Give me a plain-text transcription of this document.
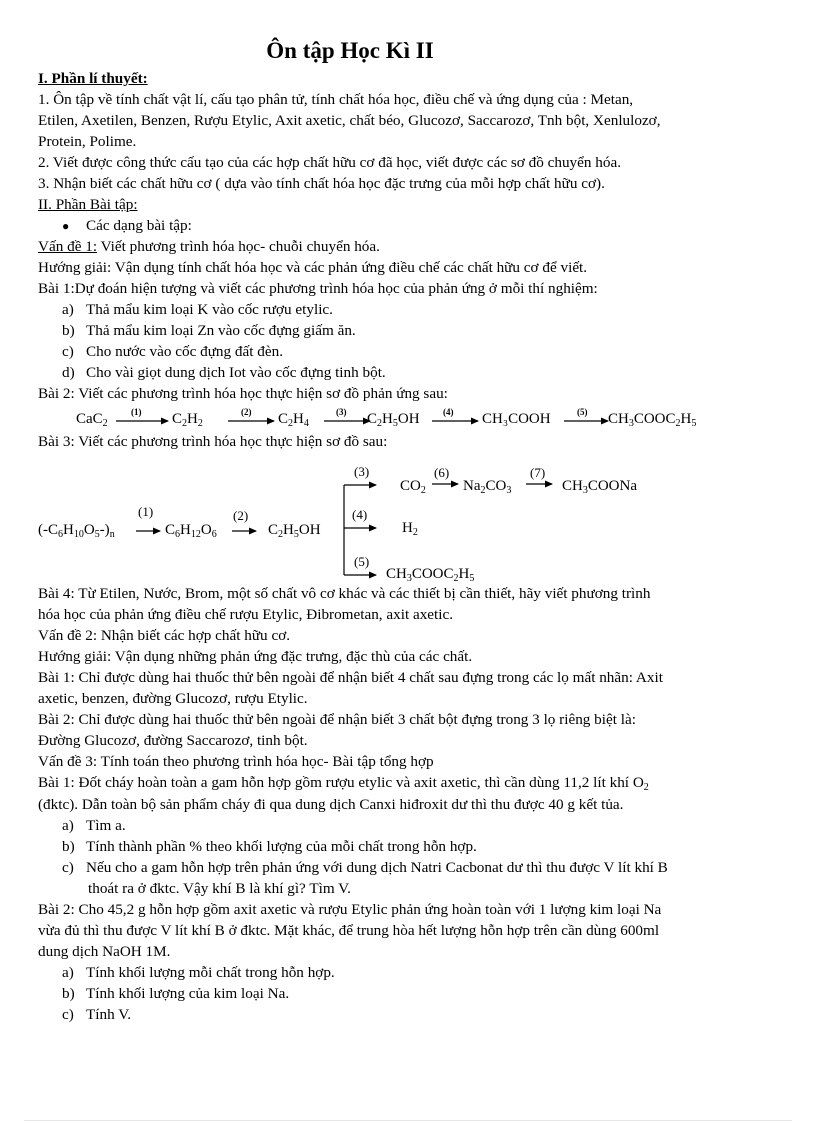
Ôn tập Học Kì II
I. Phần lí thuyết:
1. Ôn tập về tính chất vật lí, cấu tạo phân tử, tính chất hóa học, điều chế và ứng dụng của : Metan,
Etilen, Axetilen, Benzen, Rượu Etylic, Axit axetic, chất béo, Glucozơ, Saccarozơ, Tnh bột, Xenlulozơ,
Protein, Polime.
2. Viết được công thức cấu tạo của các hợp chất hữu cơ đã học, viết được các sơ đồ chuyển hóa.
3. Nhận biết các chất hữu cơ ( dựa vào tính chất hóa học đặc trưng của mỗi hợp chất hữu cơ).
II. Phần Bài tập:
● Các dạng bài tập:
Vấn đề 1: Viết phương trình hóa học- chuỗi chuyển hóa.
Hướng giải: Vận dụng tính chất hóa học và các phản ứng điều chế các chất hữu cơ để viết.
Bài 1:Dự đoán hiện tượng và viết các phương trình hóa học của phản ứng ở mỗi thí nghiệm:
a) Thả mẩu kim loại K vào cốc rượu etylic.
b) Thả mẩu kim loại Zn vào cốc đựng giấm ăn.
c) Cho nước vào cốc đựng đất đèn.
d) Cho vài giọt dung dịch Iot vào cốc đựng tinh bột.
Bài 2: Viết các phương trình hóa học thực hiện sơ đồ phản ứng sau:
CaC$_2$
(1) $C_2H_2$
(2) $C_2H_4$
(3) $C_2H_5OH$	(4) CH₃COOH	(5) $CH_3COOC_2H_5$
Bài 3: Viết các phương trình hóa học thực hiện sơ đồ sau:
$(-C_6H_{10}O_5-)_n$
(1)
$C_6H_{12}O_6$
(2)
$C_2H_5OH$
(3)
$CO_2$
(6)
$Na_2CO_3$
(7)
$CH_3COONa$
(4)
$H_2$
(5)
$CH_3COOC_2H_5$
Bài 4: Từ Etilen, Nước, Brom, một số chất vô cơ khác và các thiết bị cần thiết, hãy viết phương trình
hóa học của phản ứng điều chế rượu Etylic, Đibrometan, axit axetic.
Vấn đề 2: Nhận biết các hợp chất hữu cơ.
Hướng giải: Vận dụng những phản ứng đặc trưng, đặc thù của các chất.
Bài 1: Chỉ được dùng hai thuốc thử bên ngoài để nhận biết 4 chất sau đựng trong các lọ mất nhãn: Axit
axetic, benzen, đường Glucozơ, rượu Etylic.
Bài 2: Chỉ được dùng hai thuốc thử bên ngoài để nhận biết 3 chất bột đựng trong 3 lọ riêng biệt là:
Đường Glucozơ, đường Saccarozơ, tinh bột.
Vấn đề 3: Tính toán theo phương trình hóa học- Bài tập tổng hợp
Bài 1: Đốt cháy hoàn toàn a gam hỗn hợp gồm rượu etylic và axit axetic, thì cần dùng 11,2 lít khí $O_2$
(đktc). Dẫn toàn bộ sản phẩm cháy đi qua dung dịch Canxi hiđroxit dư thì thu được 40 g kết tủa.
a) Tìm a.
b) Tính thành phần % theo khối lượng của mỗi chất trong hỗn hợp.
c) Nếu cho a gam hỗn hợp trên phản ứng với dung dịch Natri Cacbonat dư thì thu được V lít khí B
thoát ra ở đktc. Vậy khí B là khí gì? Tìm V.
Bài 2: Cho 45,2 g hỗn hợp gồm axit axetic và rượu Etylic phản ứng hoàn toàn với 1 lượng kim loại Na
vừa đủ thì thu được V lít khí B ở đktc. Mặt khác, để trung hòa hết lượng hỗn hợp trên cần dùng 600ml
dung dịch NaOH 1M.
a) Tính khối lượng mỗi chất trong hỗn hợp.
b) Tính khối lượng của kim loại Na.
c) Tính V.
